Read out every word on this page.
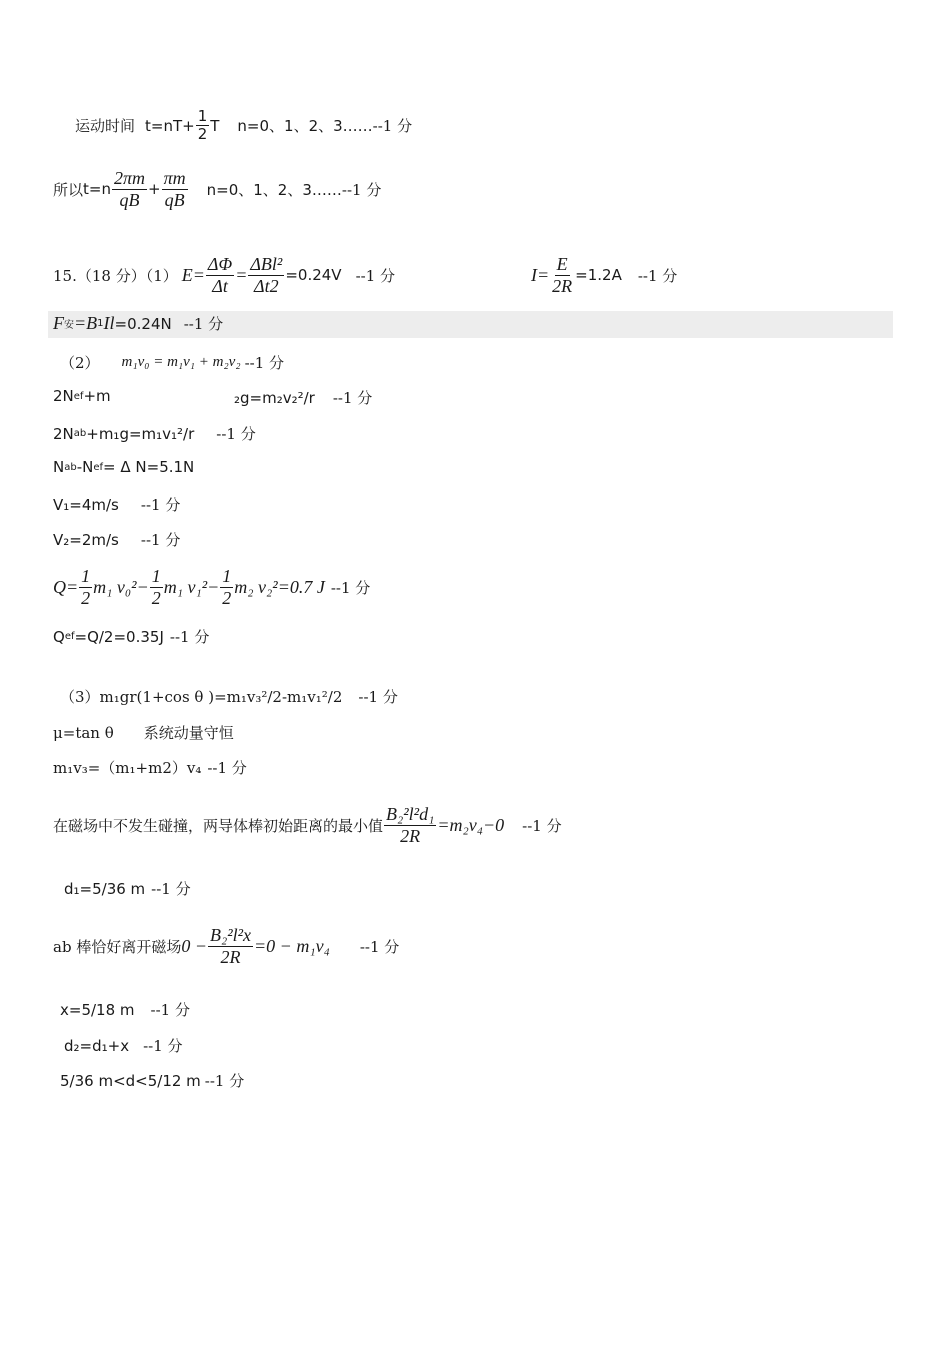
运动时间 $t=nT+ \frac{1}{2}$ T n=0、1、2、3…… --1 分
所以 $t=n \frac{2\pi m}{qB} + \frac{\pi m}{qB} n=0$、1、2、3…… --1 分
15.（18 分）（1） $E= \frac{\Delta\Phi}{\Delta t} = \frac{\text{ΔBl²}}{\Delta t2} =0.24V$ --1 分	$I= \frac{E}{2R} =1.2A$ --1 分
F 安 =B 1 Il =0.24N --1 分
（2） m₁v₀ = m₁v₁ + m₂v₂ --1 分
2N ef +m	₂g=m₂v₂²/r --1 分
2N ab +m₁g=m₁v₁²/r --1 分
N ab -N ef = Δ N=5.1N
V₁=4m/s --1 分
V₂=2m/s --1 分
$Q= \frac{1}{2} m_1$ $v_0^2 - \frac{1}{2} m_1$ $v_1^2 - \frac{1}{2} m_2$ v₂² =0.7 J --1 分
Q ef =Q/2=0.35J --1 分
（3）m₁gr(1+cos θ )=m₁v₃²/2-m₁v₁²/2 --1 分
μ=tan θ 系统动量守恒
m₁v₃=（m₁+m2）v₄ --1 分
在磁场中不发生碰撞，两导体棒初始距离的最小值 $\frac{\text{B₂²l²d₁}}{2R} =m_2v_4-0$ --1 分
d₁=5/36 m --1 分
ab 棒恰好离开磁场 $0 - \frac{\text{B₂²l²x}}{2R} =0 - m_1v_4$ --1 分
x=5/18 m --1 分
d₂=d₁+x --1 分
5/36 m<d<5/12 m --1 分
